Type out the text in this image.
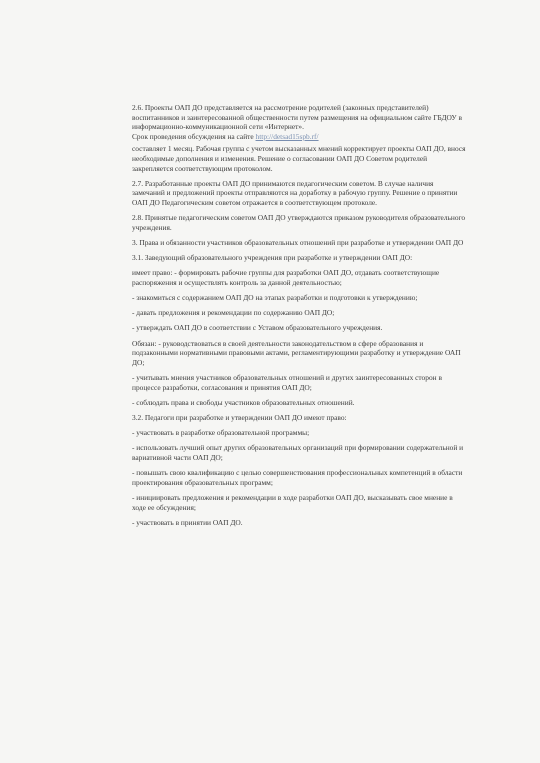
2.6. Проекты ОАП ДО представляется на рассмотрение родителей (законных представителей) воспитанников и заинтересованной общественности путем размещения на официальном сайте ГБДОУ в информационно-коммуникационной сети «Интернет».
Срок проведения обсуждения на сайте http://detsad15spb.rf/

составляет 1 месяц. Рабочая группа с учетом высказанных мнений корректирует проекты ОАП ДО, внося необходимые дополнения и изменения. Решение о согласовании ОАП ДО Советом родителей закрепляется соответствующим протоколом.

2.7. Разработанные проекты ОАП ДО принимаются педагогическим советом. В случае наличия замечаний и предложений проекты отправляются на доработку в рабочую группу. Решение о принятии ОАП ДО Педагогическим советом отражается в соответствующем протоколе.

2.8. Принятые педагогическим советом ОАП ДО утверждаются приказом руководителя образовательного учреждения.

3. Права и обязанности участников образовательных отношений при разработке и утверждении ОАП ДО

3.1. Заведующий образовательного учреждения при разработке и утверждении ОАП ДО:

имеет право: - формировать рабочие группы для разработки ОАП ДО, отдавать соответствующие распоряжения и осуществлять контроль за данной деятельностью;

- знакомиться с содержанием ОАП ДО на этапах разработки и подготовки к утверждению;

- давать предложения и рекомендации по содержанию ОАП ДО;

- утверждать ОАП ДО в соответствии с Уставом образовательного учреждения.

Обязан: - руководствоваться в своей деятельности законодательством в сфере образования и подзаконными нормативными правовыми актами, регламентирующими разработку и утверждение ОАП ДО;

- учитывать мнения участников образовательных отношений и других заинтересованных сторон в процессе разработки, согласования и принятия ОАП ДО;

- соблюдать права и свободы участников образовательных отношений.

3.2. Педагоги при разработке и утверждении ОАП ДО имеют право:

- участвовать в разработке образовательной программы;

- использовать лучший опыт других образовательных организаций при формировании содержательной и вариативной части ОАП ДО;

- повышать свою квалификацию с целью совершенствования профессиональных компетенций в области проектирования образовательных программ;

- инициировать предложения и рекомендации в ходе разработки ОАП ДО, высказывать свое мнение в ходе ее обсуждения;

- участвовать в принятии ОАП ДО.
